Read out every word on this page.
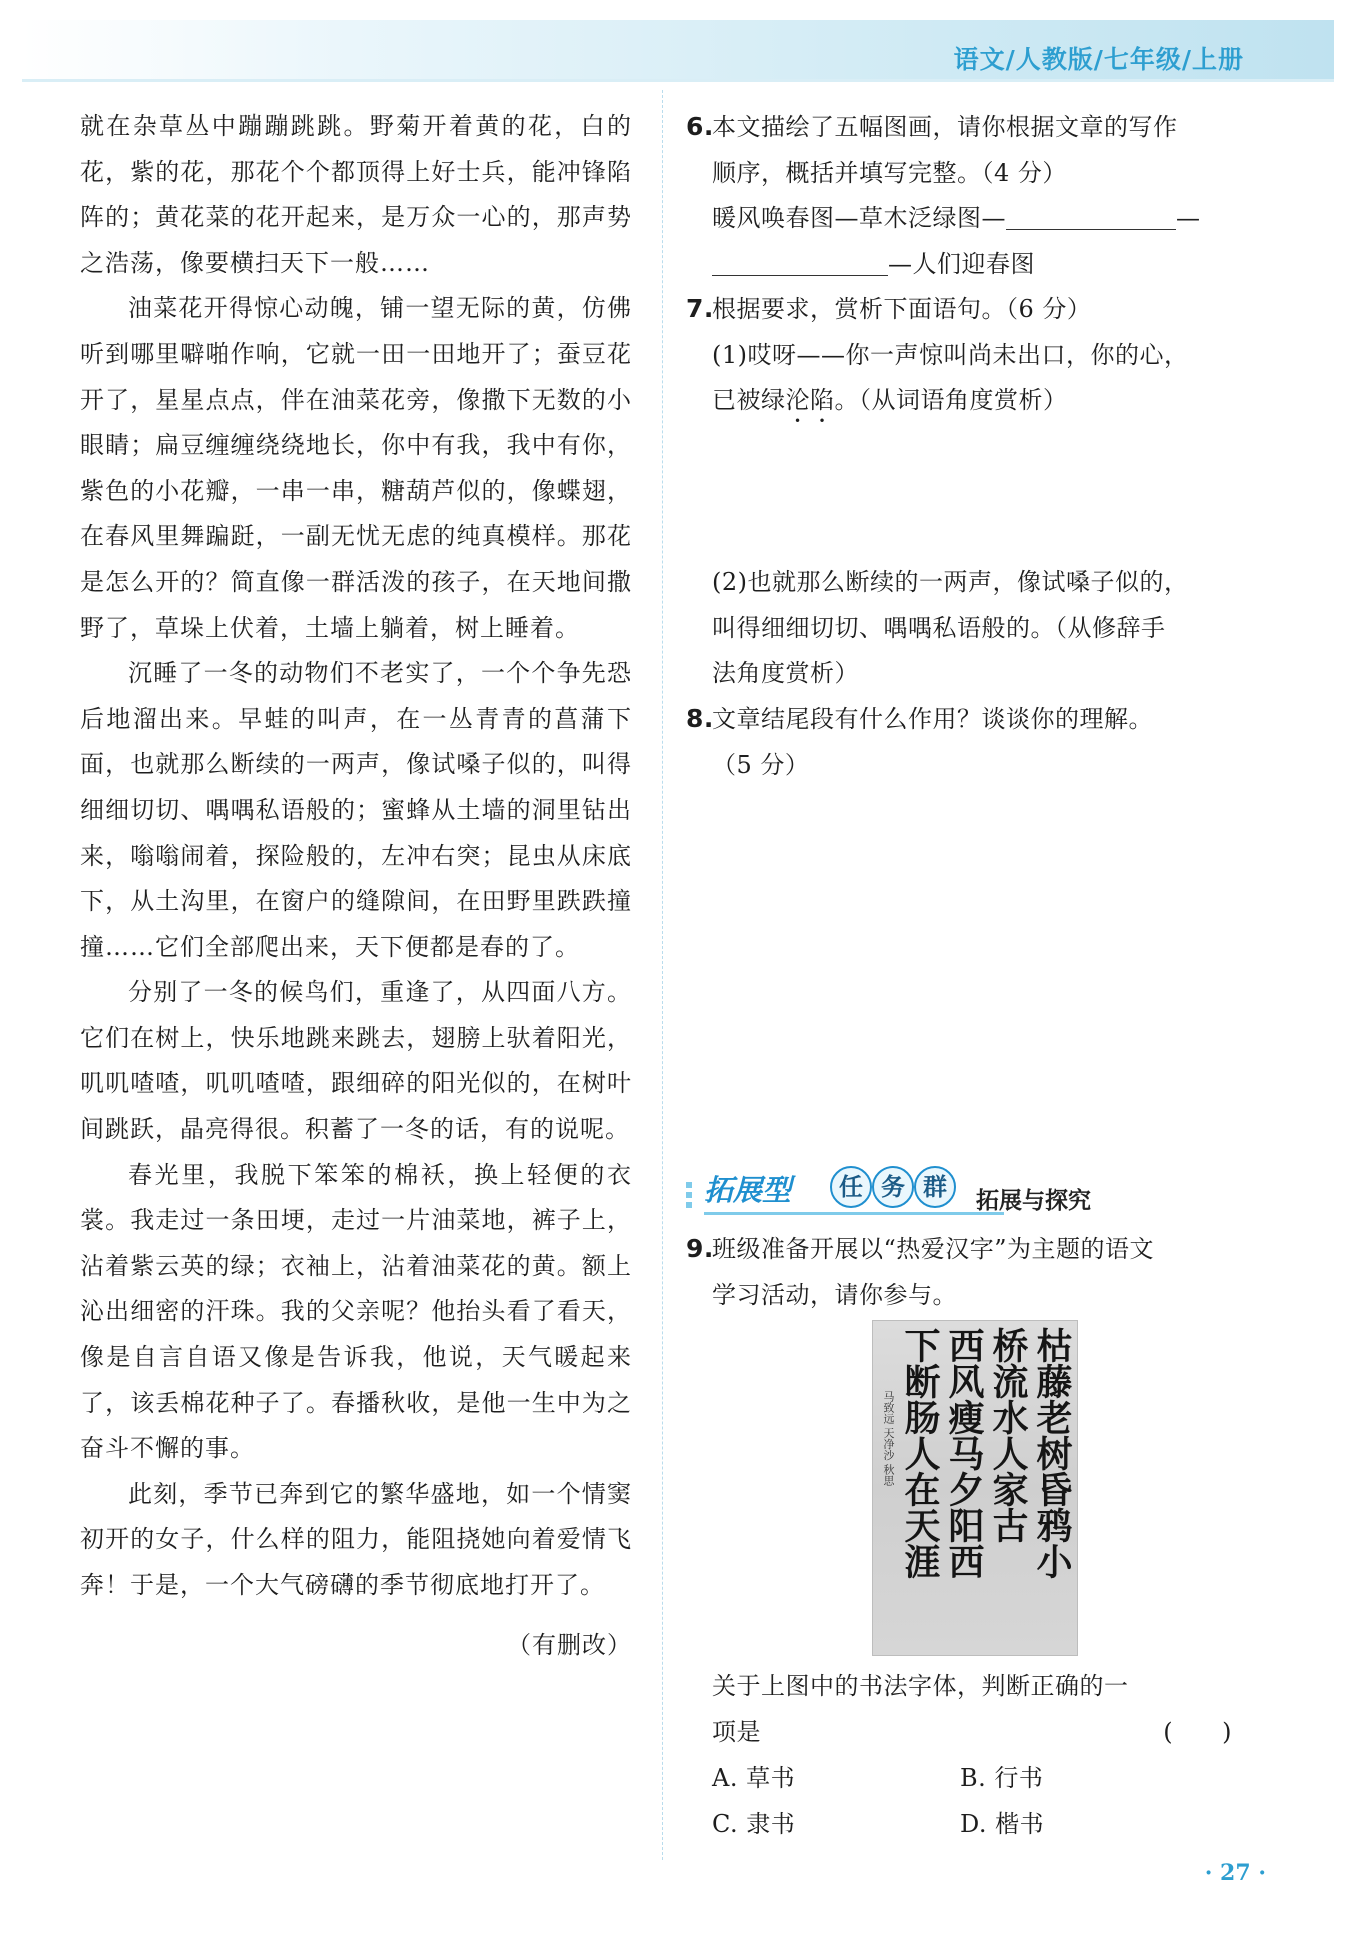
语文/人教版/七年级/上册

就在杂草丛中蹦蹦跳跳。野菊开着黄的花，白的花，紫的花，那花个个都顶得上好士兵，能冲锋陷阵的；黄花菜的花开起来，是万众一心的，那声势之浩荡，像要横扫天下一般……

油菜花开得惊心动魄，铺一望无际的黄，仿佛听到哪里噼啪作响，它就一田一田地开了；蚕豆花开了，星星点点，伴在油菜花旁，像撒下无数的小眼睛；扁豆缠缠绕绕地长，你中有我，我中有你，紫色的小花瓣，一串一串，糖葫芦似的，像蝶翅，在春风里舞蹁跹，一副无忧无虑的纯真模样。那花是怎么开的？简直像一群活泼的孩子，在天地间撒野了，草垛上伏着，土墙上躺着，树上睡着。

沉睡了一冬的动物们不老实了，一个个争先恐后地溜出来。早蛙的叫声，在一丛青青的菖蒲下面，也就那么断续的一两声，像试嗓子似的，叫得细细切切、喁喁私语般的；蜜蜂从土墙的洞里钻出来，嗡嗡闹着，探险般的，左冲右突；昆虫从床底下，从土沟里，在窗户的缝隙间，在田野里跌跌撞撞……它们全部爬出来，天下便都是春的了。

分别了一冬的候鸟们，重逢了，从四面八方。它们在树上，快乐地跳来跳去，翅膀上驮着阳光，叽叽喳喳，叽叽喳喳，跟细碎的阳光似的，在树叶间跳跃，晶亮得很。积蓄了一冬的话，有的说呢。

春光里，我脱下笨笨的棉袄，换上轻便的衣裳。我走过一条田埂，走过一片油菜地，裤子上，沾着紫云英的绿；衣袖上，沾着油菜花的黄。额上沁出细密的汗珠。我的父亲呢？他抬头看了看天，像是自言自语又像是告诉我，他说，天气暖起来了，该丢棉花种子了。春播秋收，是他一生中为之奋斗不懈的事。

此刻，季节已奔到它的繁华盛地，如一个情窦初开的女子，什么样的阻力，能阻挠她向着爱情飞奔！于是，一个大气磅礴的季节彻底地打开了。

（有删改）
6.本文描绘了五幅图画，请你根据文章的写作
顺序，概括并填写完整。（4 分）
暖风唤春图—草木泛绿图—	—
—人们迎春图
7.根据要求，赏析下面语句。（6 分）
(1)哎呀——你一声惊叫尚未出口，你的心，
已被绿沦陷。（从词语角度赏析）
(2)也就那么断续的一两声，像试嗓子似的，
叫得细细切切、喁喁私语般的。（从修辞手
法角度赏析）
8.文章结尾段有什么作用？谈谈你的理解。
（5 分）
拓展型	任 务 群	拓展与探究
9.班级准备开展以“热爱汉字”为主题的语文
学习活动，请你参与。
枯藤老树昏鸦小
桥流水人家古
西风瘦马夕阳西
下断肠人在天涯
马致远 天净沙 秋思
关于上图中的书法字体，判断正确的一
项是	(　　)
A. 草书	B. 行书
C. 隶书	D. 楷书
· 27 ·
